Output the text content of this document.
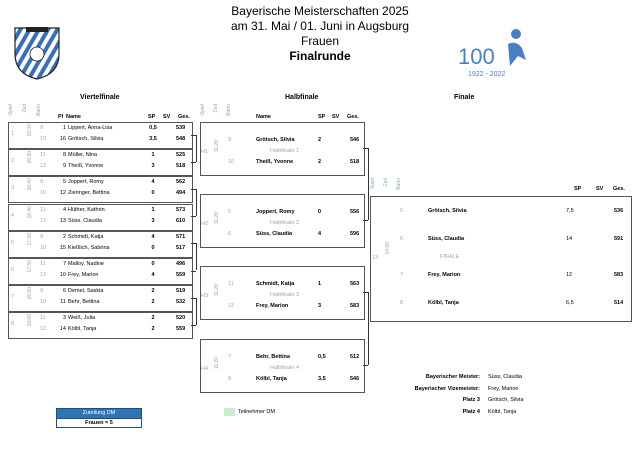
Bayerische Meisterschaften 2025
am 31. Mai / 01. Juni in Augsburg
Frauen
Finalrunde	100
1922 - 2022
Viertelfinale	Halbfinale	Finale
Spiel Zeit Bahn
Pl Name	SP SV Ges.
Spiel Zeit Bahn
Name	SP SV Ges.
Spiel Zeit Bahn	SP	SV Ges.
1	15:30 9	1 Lippert, Anna-Lisa	0,5	539
10	16 Grötsch, Silvia	3,5	548
2	15:30 11	8 Müller, Nina	1	525
12	9 Theiß, Yvonne	3	518
3	16:40 9	5 Joppert, Romy	4	562
10	12 Zieringer, Bettina	0	494
4	16:40 11	4 Hüther, Kathrin	1	573
12	13 Süss, Claudia	3	610
5	17:50 9	2 Schmidt, Katja	4	571
10	15 Kießlich, Sabrina	0	517
6	17:50 11	7 Malloy, Nadine	0	496
12	10 Frey, Marion	4	559
7	19:00 9	6 Demel, Saskia	2	519
10	11 Behr, Bettina	2	532
8	19:00 11	3 Weiß, Julia	2	520
12	14 Kölbl, Tanja	2	559
H1 11:20	Halbfinale 1
9	Grötsch, Silvia	2	546
10	Theiß, Yvonne	2	518
H2 11:20	Halbfinale 2
5	Joppert, Romy	0	556
6	Süss, Claudia	4	596
H3 11:20	Halbfinale 3
11	Schmidt, Katja	1	563
12	Frey, Marion	3	583
H4 11:20	Halbfinale 4
7	Behr, Bettina	0,5	512
8	Kölbl, Tanja	3,5	546
13
14:50
FINALE
5	Grötsch, Silvia	7,5	536
6	Süss, Claudia	14	591
7	Frey, Marion	12	583
8	Kölbl, Tanja	6,5	514
Bayerischer Meister: Süss, Claudia
Bayerischer Vizemeister: Frey, Marion
Platz 3 Grötsch, Silvia
Platz 4 Kölbl, Tanja
Zuteilung DM
Frauen = 5
Teilnehmer DM
